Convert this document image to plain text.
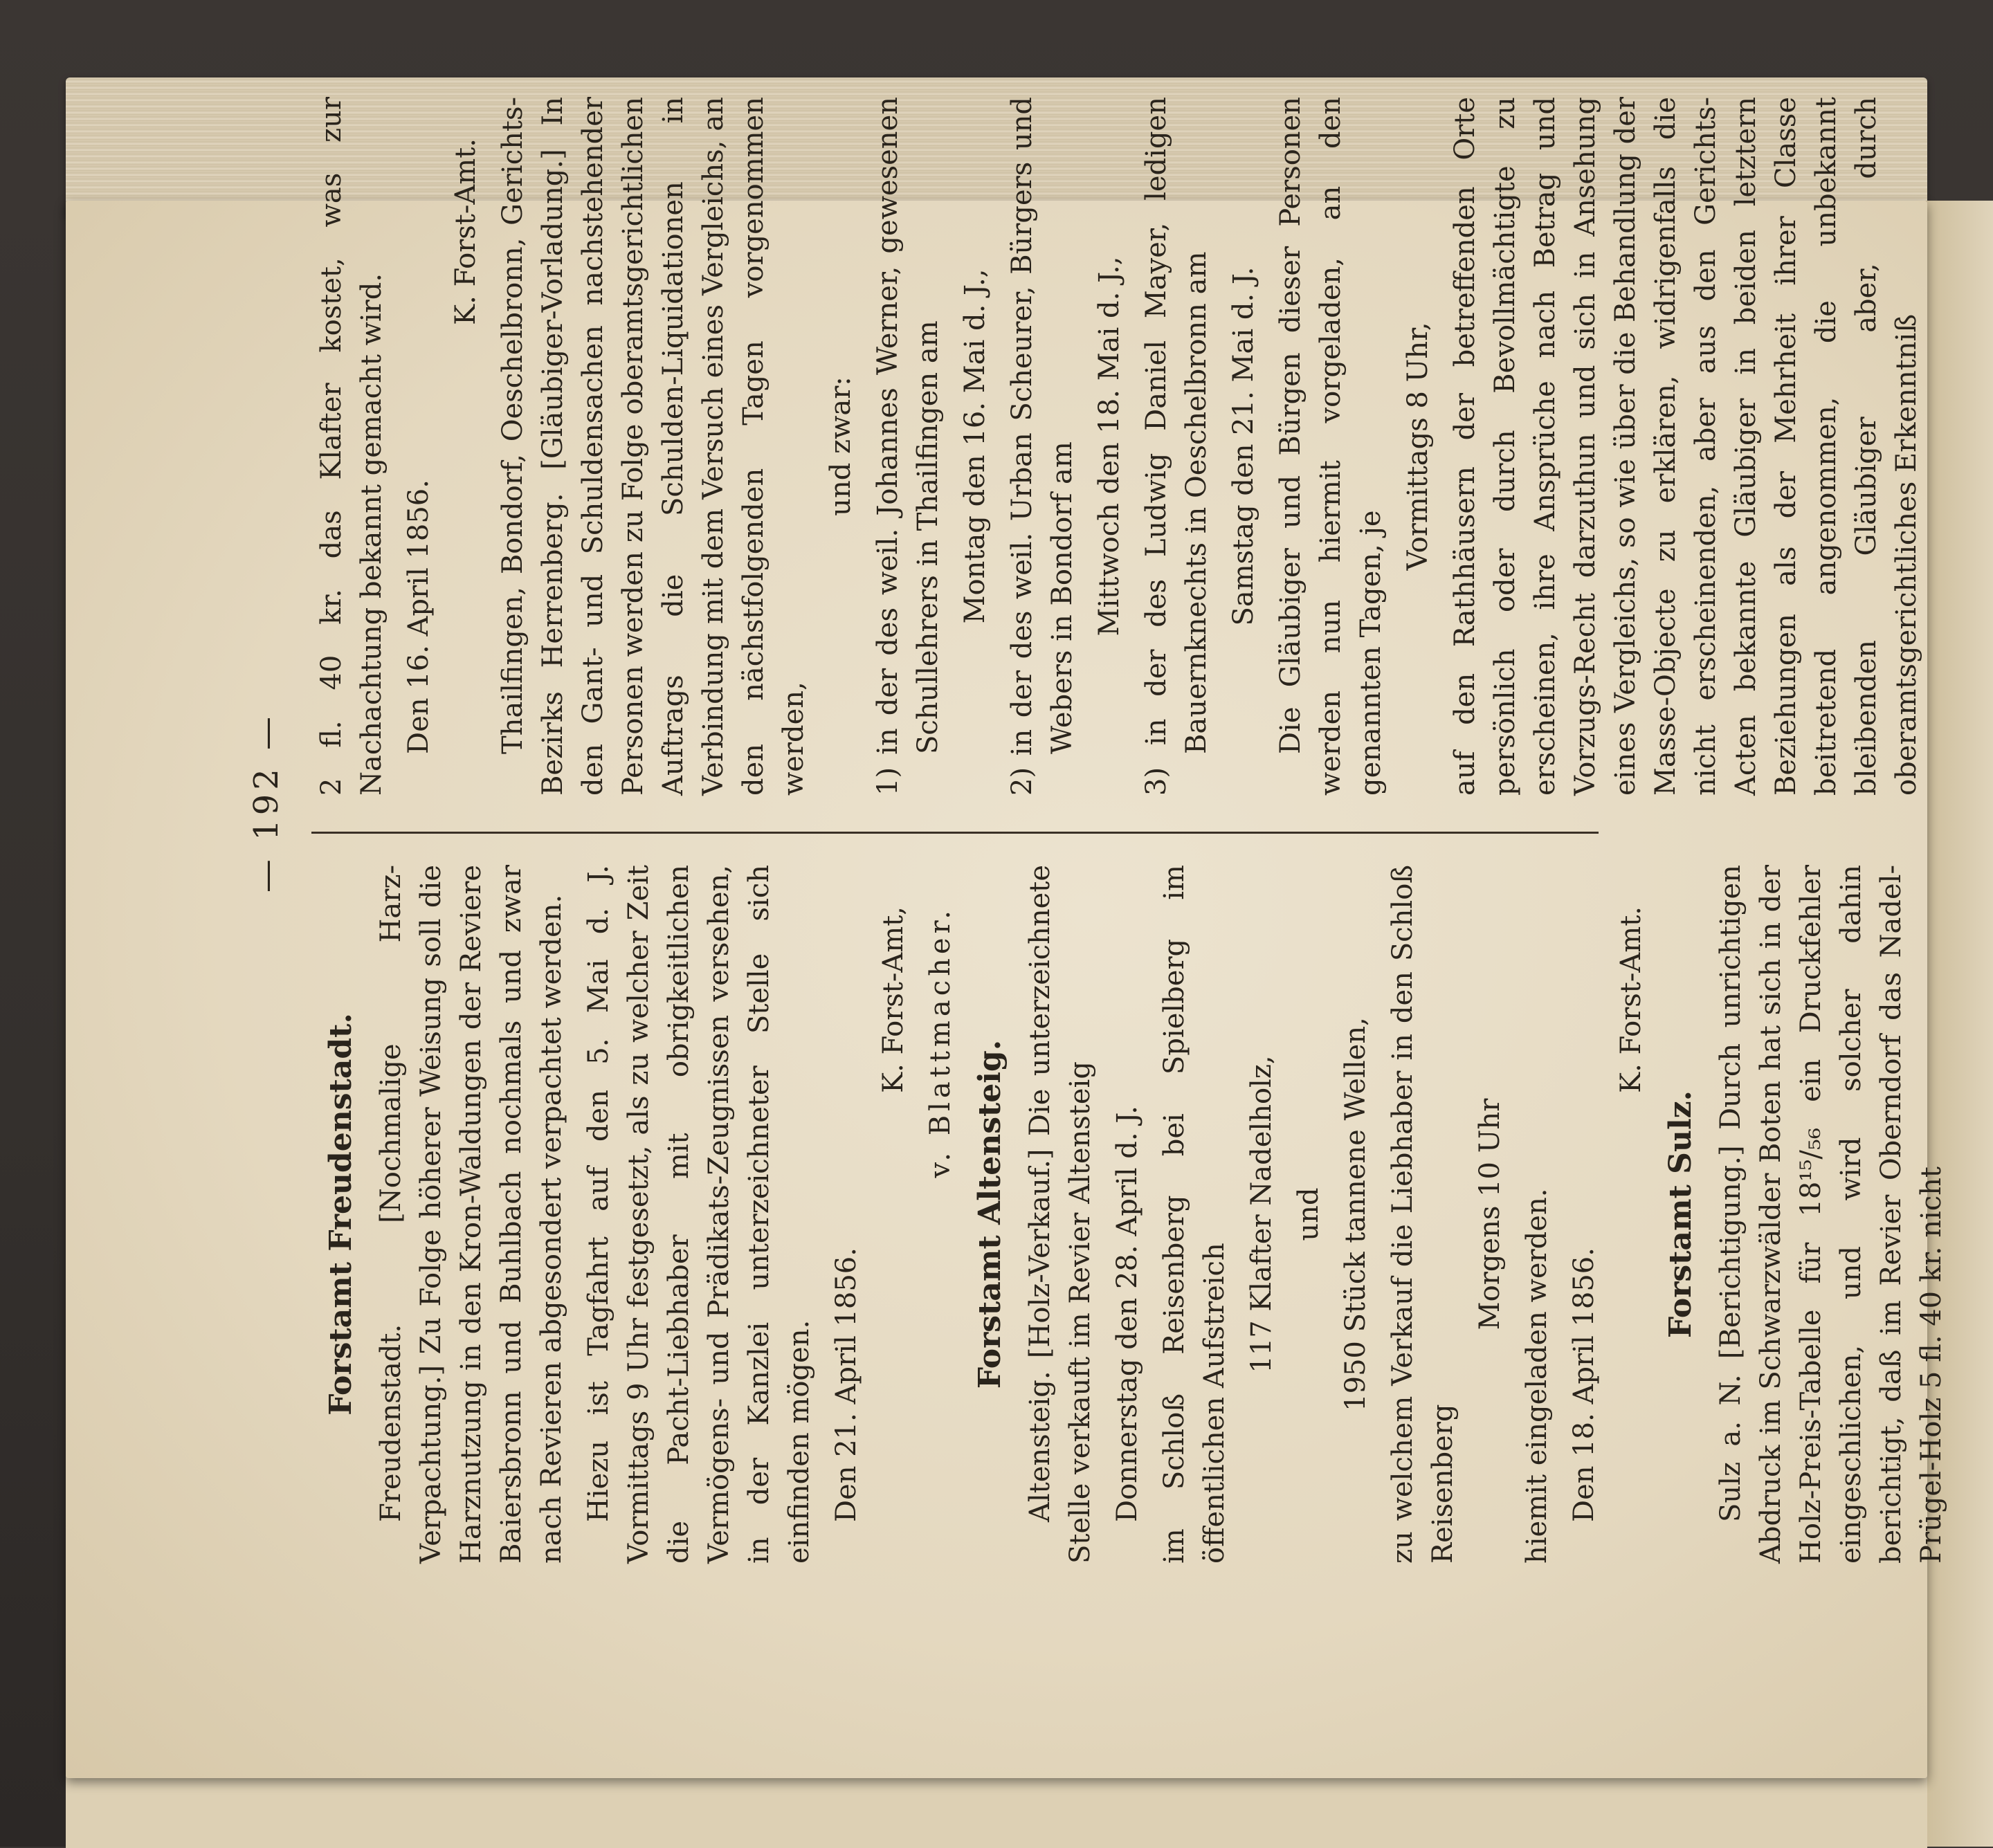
— 192 —

Forstamt Freudenstadt. Freudenstadt. [Nochmalige Harz-Verpachtung.] Zu Folge höherer Weisung soll die Harznutzung in den Kron-Waldungen der Reviere Baiersbronn und Buhlbach nochmals und zwar nach Revieren abgesondert verpachtet werden. Hiezu ist Tagfahrt auf den 5. Mai d. J. Vormittags 9 Uhr festgesetzt, als zu welcher Zeit die Pacht-Liebhaber mit obrigkeitlichen Vermögens- und Prädikats-Zeugnissen versehen, in der Kanzlei unterzeichneter Stelle sich einfinden mögen. Den 21. April 1856.

K. Forst-Amt, v. Blattmacher. Forstamt Altensteig. Altensteig. [Holz-Verkauf.] Die unterzeichnete Stelle verkauft im Revier Altensteig Donnerstag den 28. April d. J. im Schloß Reisenberg bei Spielberg im öffentlichen Aufstreich

117 Klafter Nadelholz, und 1950 Stück tannene Wellen, zu welchem Verkauf die Liebhaber in den Schloß Reisenberg

Morgens 10 Uhr hiemit eingeladen werden. Den 18. April 1856.

K. Forst-Amt.

Forstamt Sulz. Sulz a. N. [Berichtigung.] Durch unrichtigen Abdruck im Schwarzwälder Boten hat sich in der Holz-Preis-Tabelle für 18¹⁵/₅₆ ein Druckfehler eingeschlichen, und wird solcher dahin berichtigt, daß im Revier Oberndorf das Nadel-Prügel-Holz 5 fl. 40 kr. nicht

2 fl. 40 kr. das Klafter kostet, was zur Nachachtung bekannt gemacht wird. Den 16. April 1856.

K. Forst-Amt. Thailfingen, Bondorf, Oeschelbronn, Gerichts-Bezirks Herrenberg. [Gläubiger-Vorladung.] In den Gant- und Schuldensachen nachstehender Personen werden zu Folge oberamtsgerichtlichen Auftrags die Schulden-Liquidationen in Verbindung mit dem Versuch eines Vergleichs, an den nächstfolgenden Tagen vorgenommen werden,

und zwar: 1) in der des weil. Johannes Werner, gewesenen Schullehrers in Thailfingen am Montag den 16. Mai d. J., 2) in der des weil. Urban Scheurer, Bürgers und Webers in Bondorf am Mittwoch den 18. Mai d. J., 3) in der des Ludwig Daniel Mayer, ledigen Bauernknechts in Oeschelbronn am Samstag den 21. Mai d. J. Die Gläubiger und Bürgen dieser Personen werden nun hiermit vorgeladen, an den genannten Tagen, je

Vormittags 8 Uhr, auf den Rathhäusern der betreffenden Orte persönlich oder durch Bevollmächtigte zu erscheinen, ihre Ansprüche nach Betrag und Vorzugs-Recht darzuthun und sich in Ansehung eines Vergleichs, so wie über die Behandlung der Masse-Objecte zu erklären, widrigenfalls die nicht erscheinenden, aber aus den Gerichts-Acten bekannte Gläubiger in beiden letztern Beziehungen als der Mehrheit ihrer Classe beitretend angenommen, die unbekannt bleibenden Gläubiger aber, durch oberamtsgerichtliches Erkenntniß
